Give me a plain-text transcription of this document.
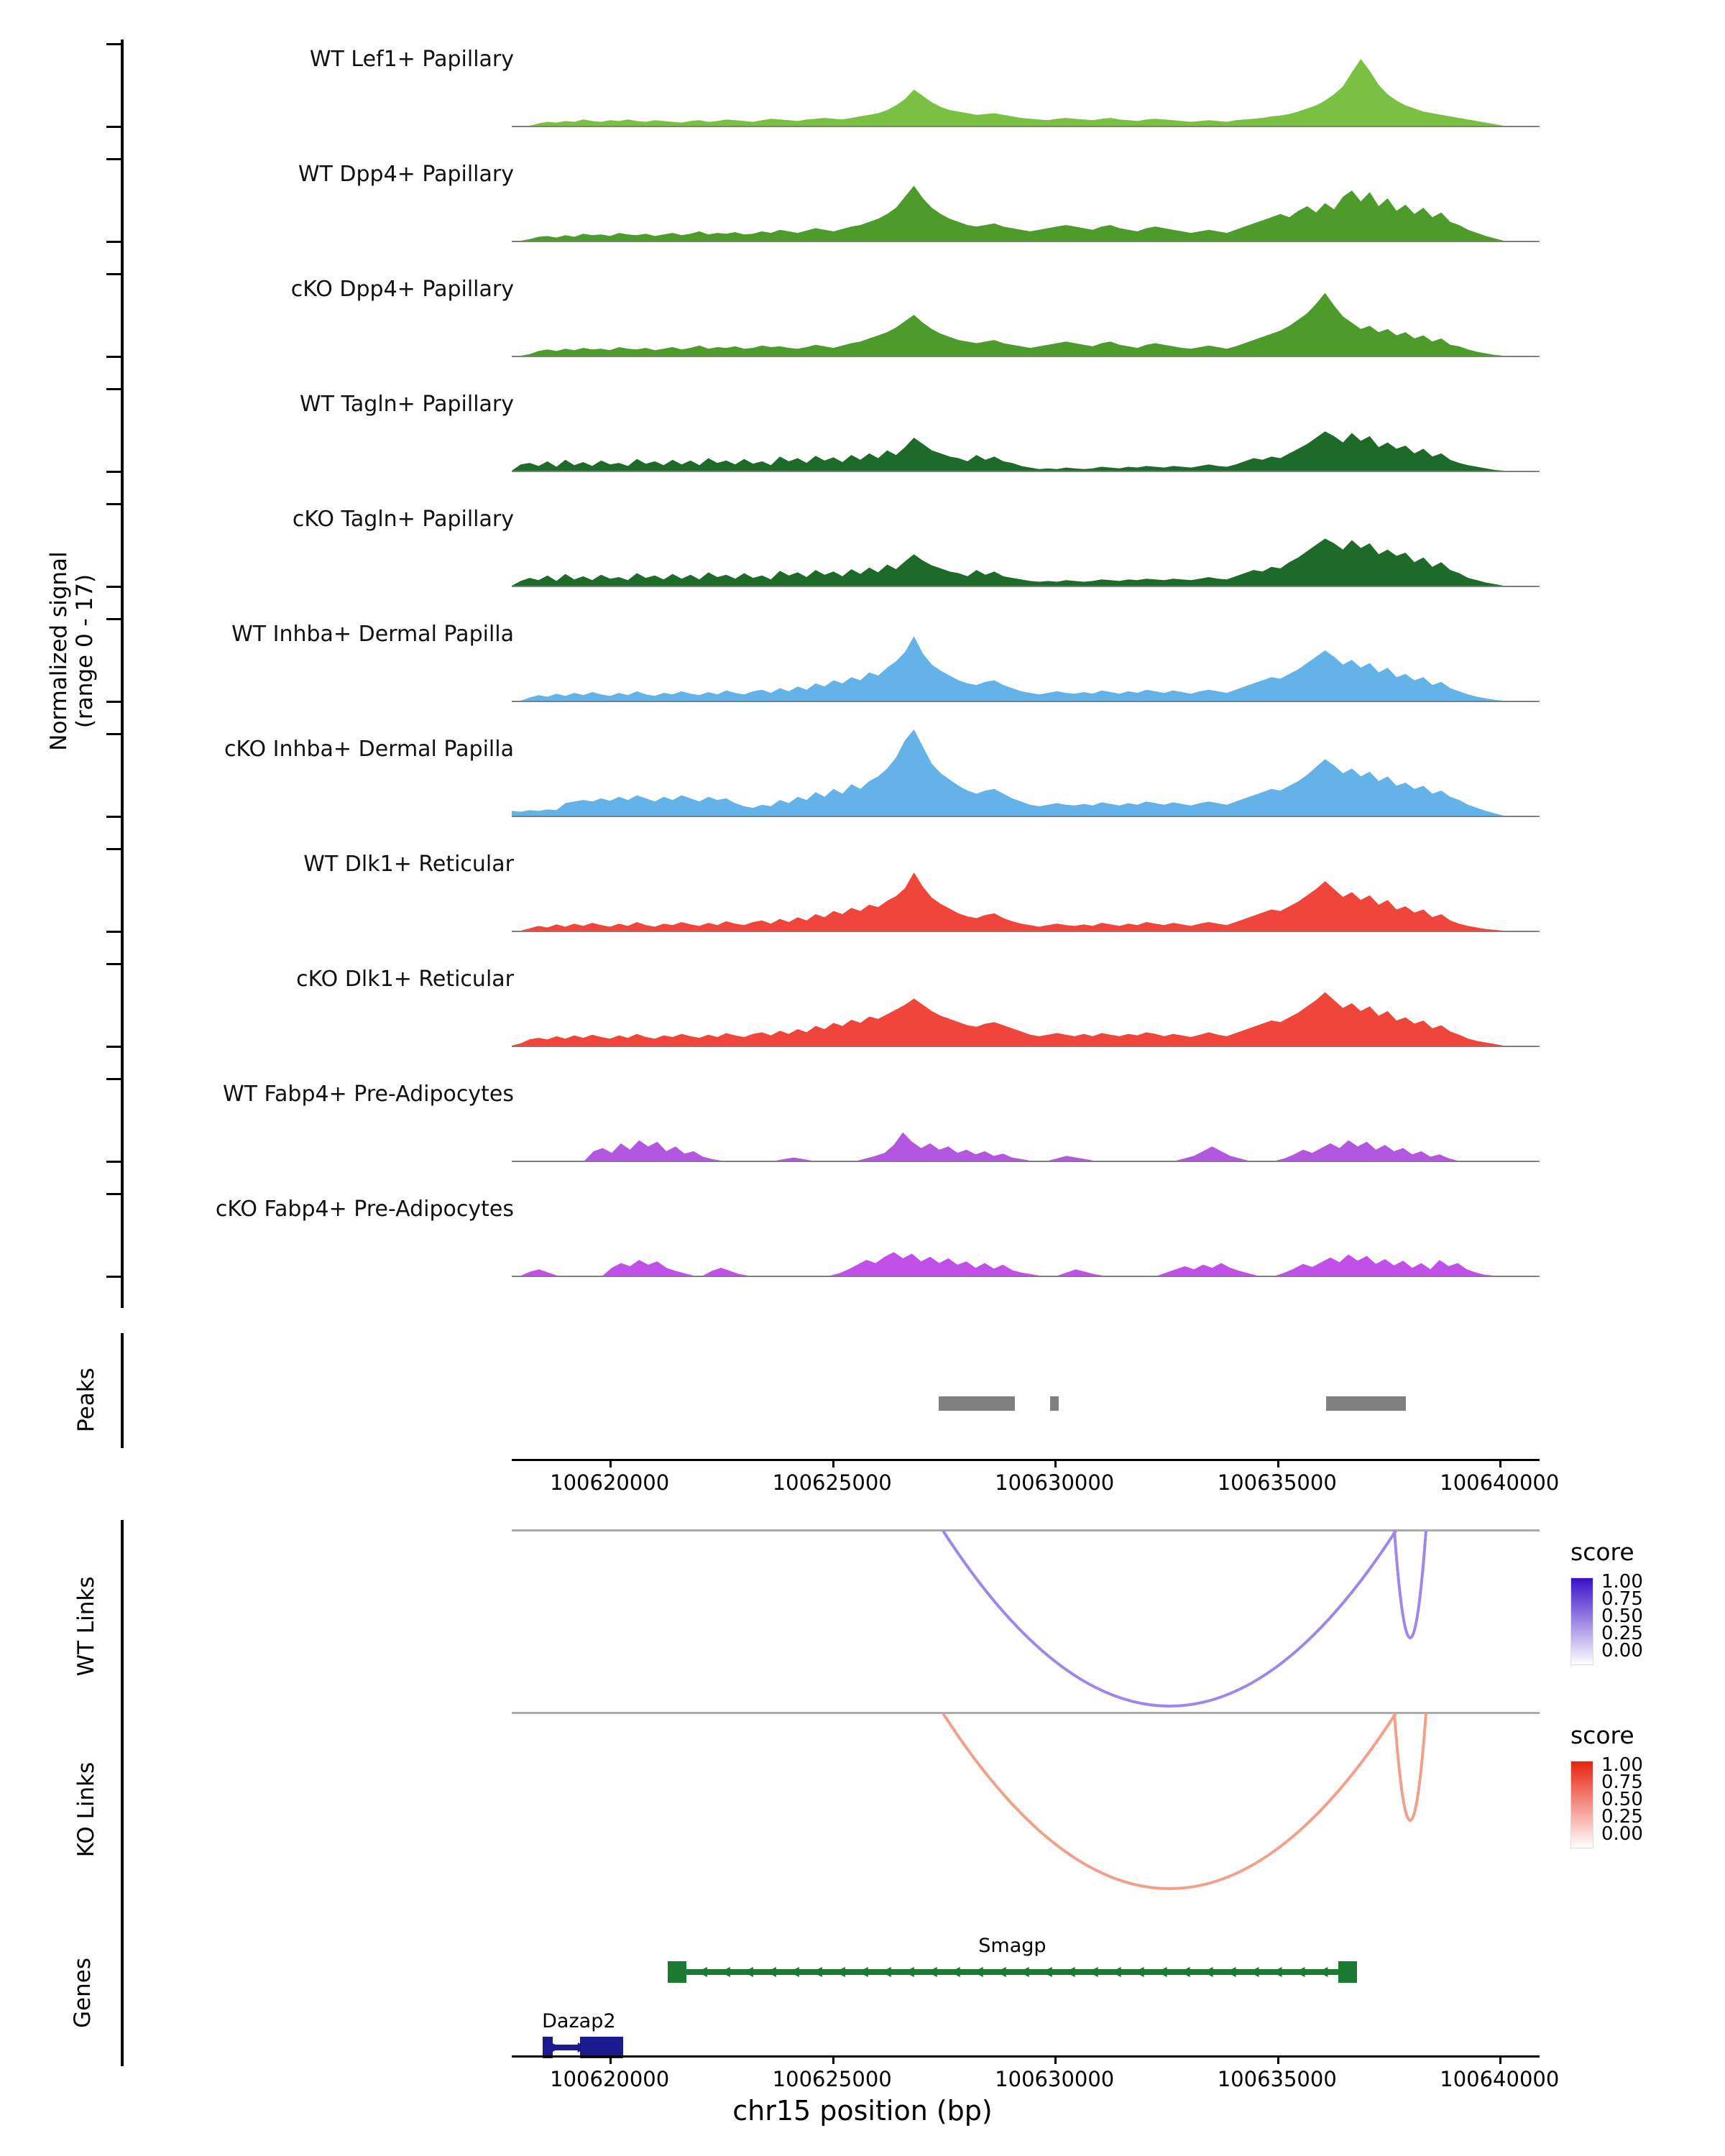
Normalized signal (range 0 - 17)
WT Lef1+ Papillary
WT Dpp4+ Papillary
cKO Dpp4+ Papillary
WT Tagln+ Papillary
cKO Tagln+ Papillary
WT Inhba+ Dermal Papilla
cKO Inhba+ Dermal Papilla
WT Dlk1+ Reticular
cKO Dlk1+ Reticular
WT Fabp4+ Pre-Adipocytes
cKO Fabp4+ Pre-Adipocytes
Peaks
100620000	100625000	100630000	100635000	100640000
WT Links
score
1.00
0.75
0.50
0.25
0.00
KO Links
score
1.00
0.75
0.50
0.25
0.00
Genes
Smagp
Dazap2
100620000	100625000	100630000	100635000	100640000
chr15 position (bp)
